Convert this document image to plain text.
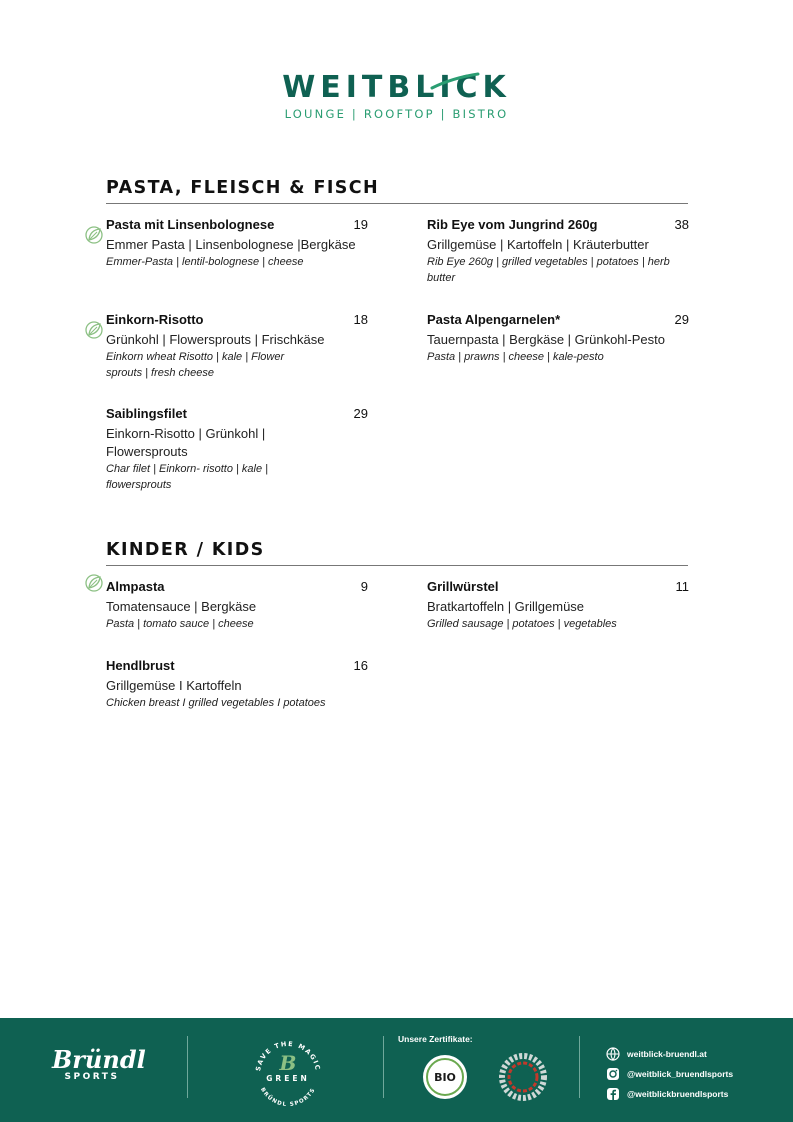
WEITBLICK
LOUNGE | ROOFTOP | BISTRO
PASTA, FLEISCH & FISCH
Pasta mit Linsenbolognese	19
Emmer Pasta | Linsenbolognese |Bergkäse
Emmer-Pasta | lentil-bolognese | cheese
Rib Eye vom Jungrind 260g	38
Grillgemüse | Kartoffeln | Kräuterbutter
Rib Eye 260g | grilled vegetables | potatoes | herb butter
Einkorn-Risotto	18
Grünkohl | Flowersprouts | Frischkäse
Einkorn wheat Risotto | kale | Flower sprouts | fresh cheese
Pasta Alpengarnelen*	29
Tauernpasta | Bergkäse | Grünkohl-Pesto
Pasta | prawns | cheese | kale-pesto
Saiblingsfilet	29
Einkorn-Risotto | Grünkohl | Flowersprouts
Char filet | Einkorn- risotto | kale | flowersprouts
KINDER / KIDS
Almpasta	9
Tomatensauce | Bergkäse
Pasta | tomato sauce | cheese
Grillwürstel	11
Bratkartoffeln | Grillgemüse
Grilled sausage | potatoes | vegetables
Hendlbrust	16
Grillgemüse I Kartoffeln
Chicken breast I grilled vegetables I potatoes
Bründl
SPORTS
SAVE THE MAGIC
BRÜNDL SPORTS
B
GREEN
Unsere Zertifikate:
BIO
weitblick-bruendl.at
@weitblick_bruendlsports
@weitblickbruendlsports
